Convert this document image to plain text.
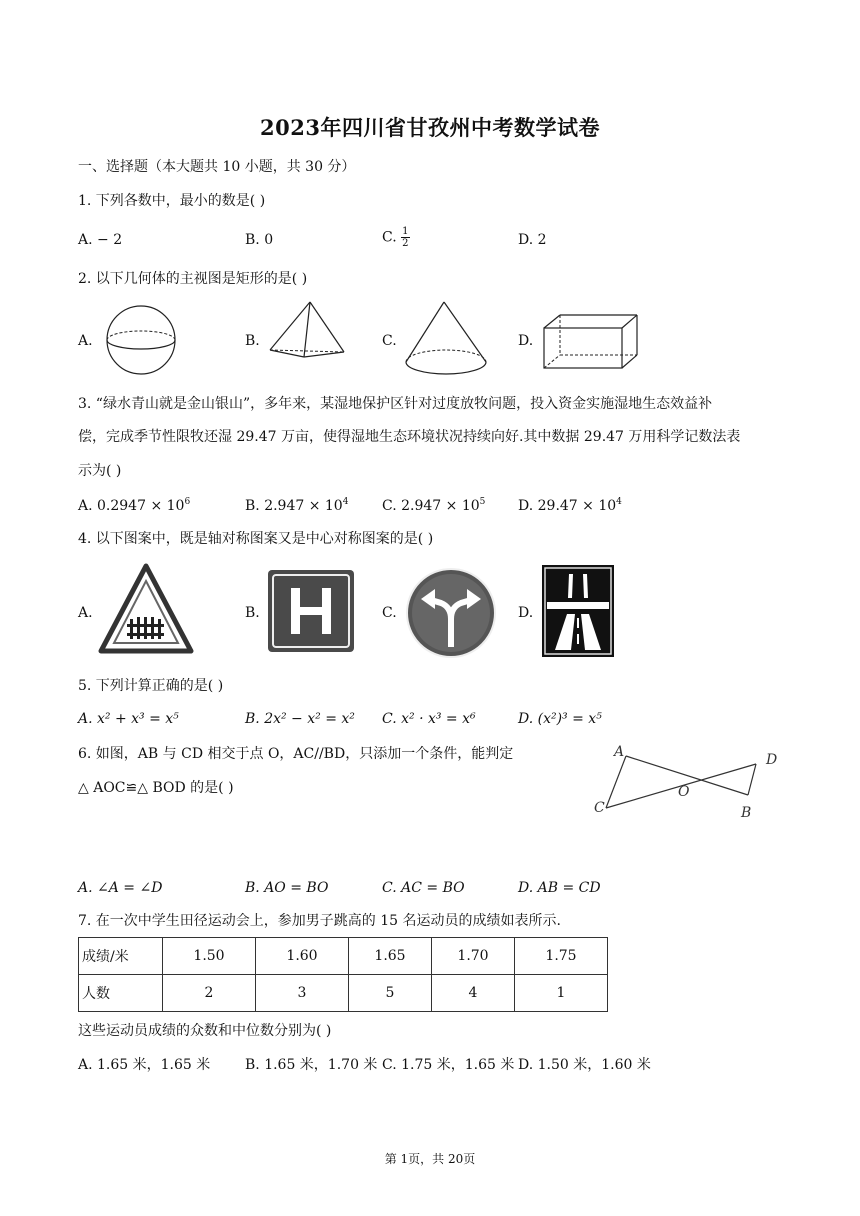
2023年四川省甘孜州中考数学试卷
一、选择题（本大题共 10 小题，共 30 分）
1. 下列各数中，最小的数是( )
A. − 2	B. 0	C. $\frac{1}{2}$	D. 2
2. 以下几何体的主视图是矩形的是( )
A.	B.	C.	D.
3. “绿水青山就是金山银山”，多年来，某湿地保护区针对过度放牧问题，投入资金实施湿地生态效益补
偿，完成季节性限牧还湿 29.47 万亩，使得湿地生态环境状况持续向好.其中数据 29.47 万用科学记数法表
示为( )
A. $0.2947 \times 10^6$	B. $2.947 \times 10^4$ C. $2.947 \times 10^5$ D. $29.47 \times 10^4$
4. 以下图案中，既是轴对称图案又是中心对称图案的是( )
A.	B.	C.	D.
5. 下列计算正确的是( )
A. x² + x³ = x⁵	B. 2x² − x² = x² C. x² · x³ = x⁶	D. (x²)³ = x⁵
6. 如图，AB 与 CD 相交于点 O，AC//BD，只添加一个条件，能判定
△ AOC≌△ BOD 的是( )
A	D
C
O
B
A. ∠A = ∠D	B. AO = BO	C. AC = BO	D. AB = CD
7. 在一次中学生田径运动会上，参加男子跳高的 15 名运动员的成绩如表所示.
成绩/米	1.50	1.60	1.65	1.70	1.75
人数	2	3	5	4	1
这些运动员成绩的众数和中位数分别为( )
A. 1.65 米，1.65 米 B. 1.65 米，1.70 米 C. 1.75 米，1.65 米 D. 1.50 米，1.60 米
第 1页，共 20页
